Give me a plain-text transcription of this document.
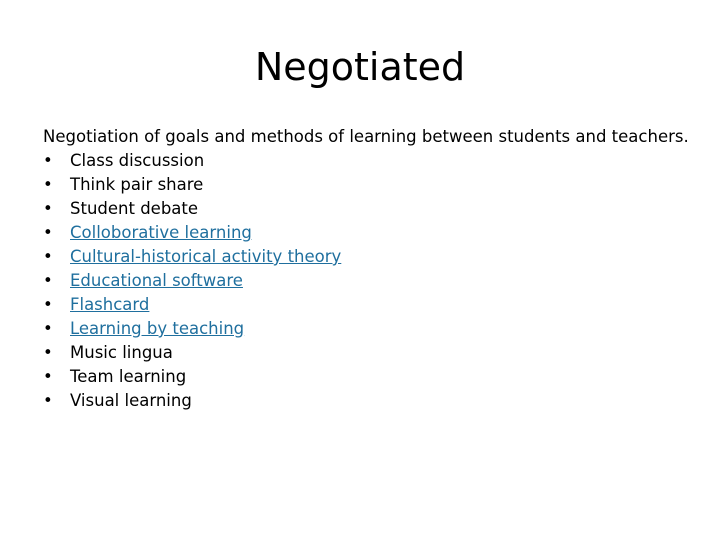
Negotiated

Negotiation of goals and methods of learning between students and teachers.

•	Class discussion
•	Think pair share
•	Student debate
•	Colloborative learning
•	Cultural-historical activity theory
•	Educational software
•	Flashcard
•	Learning by teaching
•	Music lingua
•	Team learning
•	Visual learning
